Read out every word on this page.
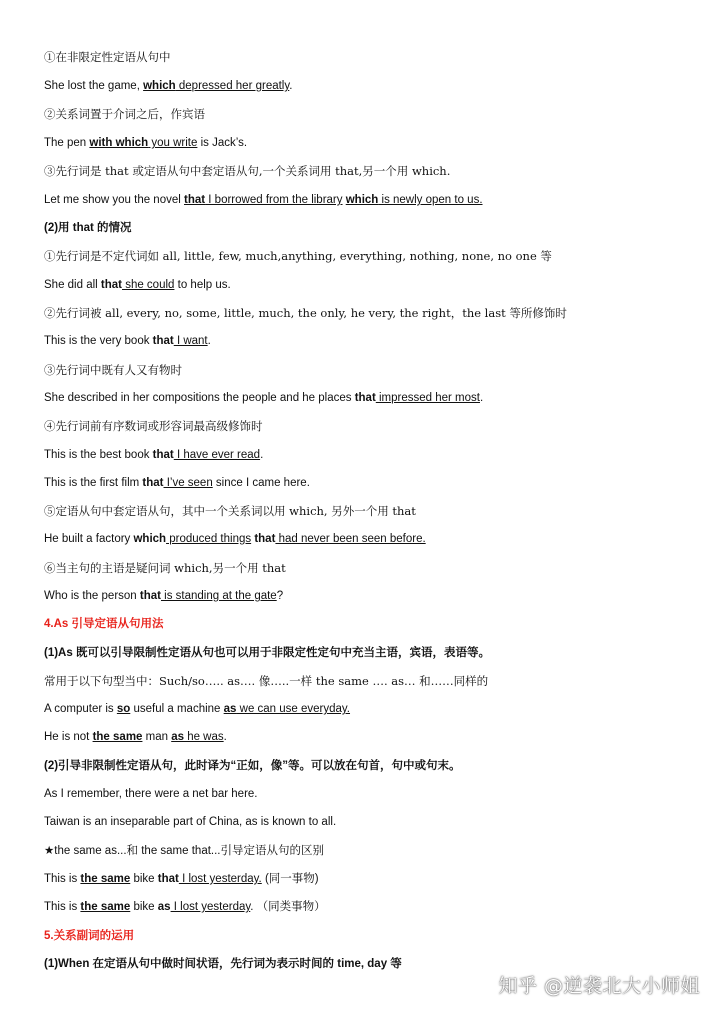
①在非限定性定语从句中
She lost the game, which depressed her greatly.
②关系词置于介词之后，作宾语
The pen with which you write is Jack’s.
③先行词是 that 或定语从句中套定语从句,一个关系词用 that,另一个用 which.
Let me show you the novel that I borrowed from the library which is newly open to us.
(2)用 that 的情况
①先行词是不定代词如 all, little, few, much,anything, everything, nothing, none, no one 等
She did all that she could to help us.
②先行词被 all, every, no, some, little, much, the only, he very, the right，the last 等所修饰时
This is the very book that I want.
③先行词中既有人又有物时
She described in her compositions the people and he places that impressed her most.
④先行词前有序数词或形容词最高级修饰时
This is the best book that I have ever read.
This is the first film that I’ve seen since I came here.
⑤定语从句中套定语从句，其中一个关系词以用 which, 另外一个用 that
He built a factory which produced things that had never been seen before.
⑥当主句的主语是疑问词 which,另一个用 that
Who is the person that is standing at the gate?
4.As 引导定语从句用法
(1)As 既可以引导限制性定语从句也可以用于非限定性定句中充当主语，宾语，表语等。
常用于以下句型当中：Such/so….. as…. 像…..一样 the same …. as… 和……同样的
A computer is so useful a machine as we can use everyday.
He is not the same man as he was.
(2)引导非限制性定语从句，此时译为“正如，像”等。可以放在句首，句中或句末。
As I remember, there were a net bar here.
Taiwan is an inseparable part of China, as is known to all.
★the same as...和 the same that...引导定语从句的区别
This is the same bike that I lost yesterday. (同一事物)
This is the same bike as I lost yesterday. （同类事物）
5.关系副词的运用
(1)When 在定语从句中做时间状语，先行词为表示时间的 time, day 等
知乎 @逆袭北大小师姐
